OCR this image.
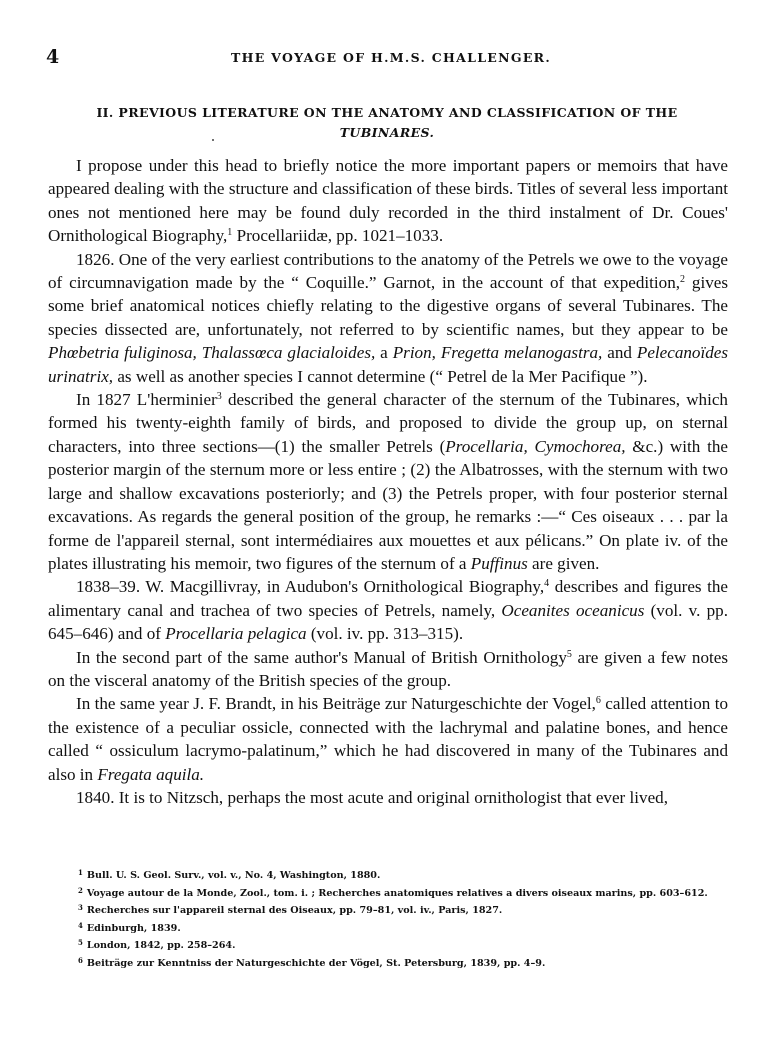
4	THE VOYAGE OF H.M.S. CHALLENGER.
II. PREVIOUS LITERATURE ON THE ANATOMY AND CLASSIFICATION OF THE
TUBINARES.

I propose under this head to briefly notice the more important papers or memoirs that have appeared dealing with the structure and classification of these birds. Titles of several less important ones not mentioned here may be found duly recorded in the third instalment of Dr. Coues' Ornithological Biography,$^1$ Procellariidæ, pp. 1021–1033.

1826. One of the very earliest contributions to the anatomy of the Petrels we owe to the voyage of circumnavigation made by the “ Coquille.” Garnot, in the account of that expedition,$^2$ gives some brief anatomical notices chiefly relating to the digestive organs of several Tubinares. The species dissected are, unfortunately, not referred to by scientific names, but they appear to be Phœbetria fuliginosa, Thalassœca glacialoides, a Prion, Fregetta melanogastra, and Pelecanoïdes urinatrix, as well as another species I cannot determine (“ Petrel de la Mer Pacifique ”).

In 1827 L'herminier$^3$ described the general character of the sternum of the Tubinares, which formed his twenty-eighth family of birds, and proposed to divide the group up, on sternal characters, into three sections—(1) the smaller Petrels (Procellaria, Cymochorea, &c.) with the posterior margin of the sternum more or less entire ; (2) the Albatrosses, with the sternum with two large and shallow excavations posteriorly; and (3) the Petrels proper, with four posterior sternal excavations. As regards the general position of the group, he remarks :—“ Ces oiseaux . . . par la forme de l'appareil sternal, sont intermédiaires aux mouettes et aux pélicans.” On plate iv. of the plates illustrating his memoir, two figures of the sternum of a Puffinus are given.

1838–39. W. Macgillivray, in Audubon's Ornithological Biography,$^4$ describes and figures the alimentary canal and trachea of two species of Petrels, namely, Oceanites oceanicus (vol. v. pp. 645–646) and of Procellaria pelagica (vol. iv. pp. 313–315).

In the second part of the same author's Manual of British Ornithology$^5$ are given a few notes on the visceral anatomy of the British species of the group.

In the same year J. F. Brandt, in his Beiträge zur Naturgeschichte der Vogel,$^6$ called attention to the existence of a peculiar ossicle, connected with the lachrymal and palatine bones, and hence called “ ossiculum lacrymo-palatinum,” which he had discovered in many of the Tubinares and also in Fregata aquila.

1840. It is to Nitzsch, perhaps the most acute and original ornithologist that ever lived,

$^1$ Bull. U. S. Geol. Surv., vol. v., No. 4, Washington, 1880.

$^2$ Voyage autour de la Monde, Zool., tom. i. ; Recherches anatomiques relatives a divers oiseaux marins, pp. 603–612.

$^3$ Recherches sur l'appareil sternal des Oiseaux, pp. 79–81, vol. iv., Paris, 1827.

$^4$ Edinburgh, 1839.

$^5$ London, 1842, pp. 258–264.

$^6$ Beiträge zur Kenntniss der Naturgeschichte der Vögel, St. Petersburg, 1839, pp. 4–9.
